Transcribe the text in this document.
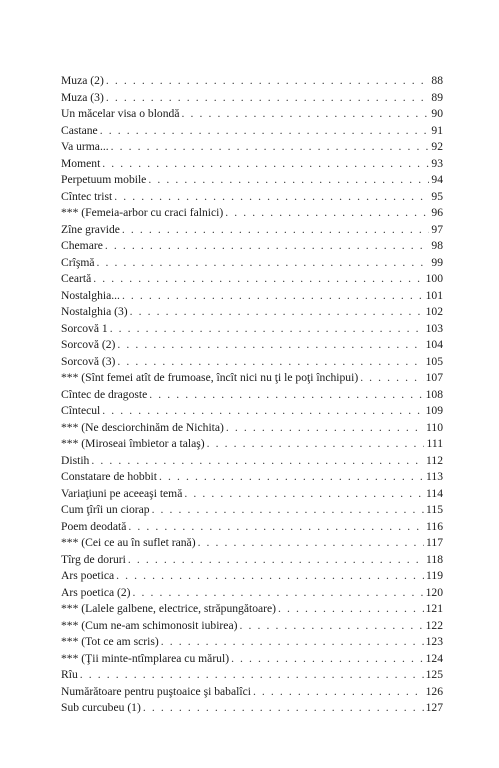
Muza (2) . . .	88
Muza (3) . . .	89
Un măcelar visa o blondă . . .	90
Castane . . .	91
Va urma... . . .	92
Moment . . .	93
Perpetuum mobile . . .	94
Cîntec trist . . .	95
*** (Femeia-arbor cu craci falnici) . . .	96
Zîne gravide . . .	97
Chemare . . .	98
Crîşmă . . .	99
Ceartă . . .	100
Nostalghia... . . .	101
Nostalghia (3) . . .	102
Sorcovă 1 . . .	103
Sorcovă (2) . . .	104
Sorcovă (3) . . .	105
*** (Sînt femei atît de frumoase, încît nici nu ţi le poţi închipui) . . .	107
Cîntec de dragoste . . .	108
Cîntecul . . .	109
*** (Ne desciorchinăm de Nichita) . . .	110
*** (Miroseai îmbietor a talaş) . . .	111
Distih . . .	112
Constatare de hobbit . . .	113
Variaţiuni pe aceeaşi temă . . .	114
Cum ţîrîi un ciorap . . .	115
Poem deodată . . .	116
*** (Cei ce au în suflet rană) . . .	117
Tîrg de doruri . . .	118
Ars poetica . . .	119
Ars poetica (2) . . .	120
*** (Lalele galbene, electrice, străpungătoare) . . .	121
*** (Cum ne-am schimonosit iubirea) . . .	122
*** (Tot ce am scris) . . .	123
*** (Ţii minte-ntîmplarea cu mărul) . . .	124
Rîu . . .	125
Numărătoare pentru puştoaice şi babalîci . . .	126
Sub curcubeu (1) . . .	127
